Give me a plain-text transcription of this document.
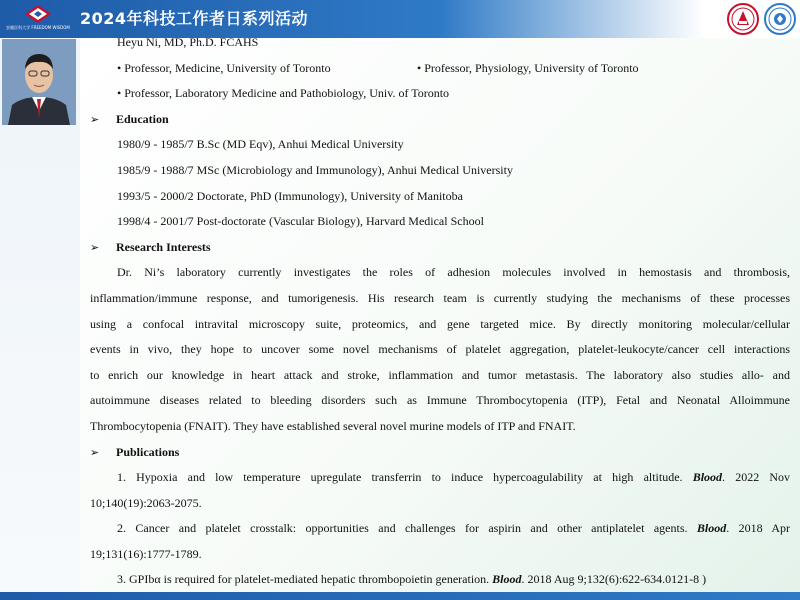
安徽医科大学 FREEDOM WISDOM 2024年科技工作者日系列活动
Heyu Ni, MD, Ph.D. FCAHS
• Professor, Medicine, University of Toronto	• Professor, Physiology, University of Toronto
• Professor, Laboratory Medicine and Pathobiology, Univ. of Toronto
➢ Education
1980/9 - 1985/7 B.Sc (MD Eqv), Anhui Medical University
1985/9 - 1988/7 MSc (Microbiology and Immunology), Anhui Medical University
1993/5 - 2000/2 Doctorate, PhD (Immunology), University of Manitoba
1998/4 - 2001/7 Post-doctorate (Vascular Biology), Harvard Medical School
➢ Research Interests
Dr. Ni’s laboratory currently investigates the roles of adhesion molecules involved in hemostasis and thrombosis,
inflammation/immune response, and tumorigenesis. His research team is currently studying the mechanisms of these processes
using a confocal intravital microscopy suite, proteomics, and gene targeted mice. By directly monitoring molecular/cellular
events in vivo, they hope to uncover some novel mechanisms of platelet aggregation, platelet-leukocyte/cancer cell interactions
to enrich our knowledge in heart attack and stroke, inflammation and tumor metastasis. The laboratory also studies allo- and
autoimmune diseases related to bleeding disorders such as Immune Thrombocytopenia (ITP), Fetal and Neonatal Alloimmune
Thrombocytopenia (FNAIT). They have established several novel murine models of ITP and FNAIT.
➢ Publications
1. Hypoxia and low temperature upregulate transferrin to induce hypercoagulability at high altitude. Blood. 2022 Nov
10;140(19):2063-2075.
2. Cancer and platelet crosstalk: opportunities and challenges for aspirin and other antiplatelet agents. Blood. 2018 Apr
19;131(16):1777-1789.
3. GPIbα is required for platelet-mediated hepatic thrombopoietin generation. Blood. 2018 Aug 9;132(6):622-634.0121-8 )
